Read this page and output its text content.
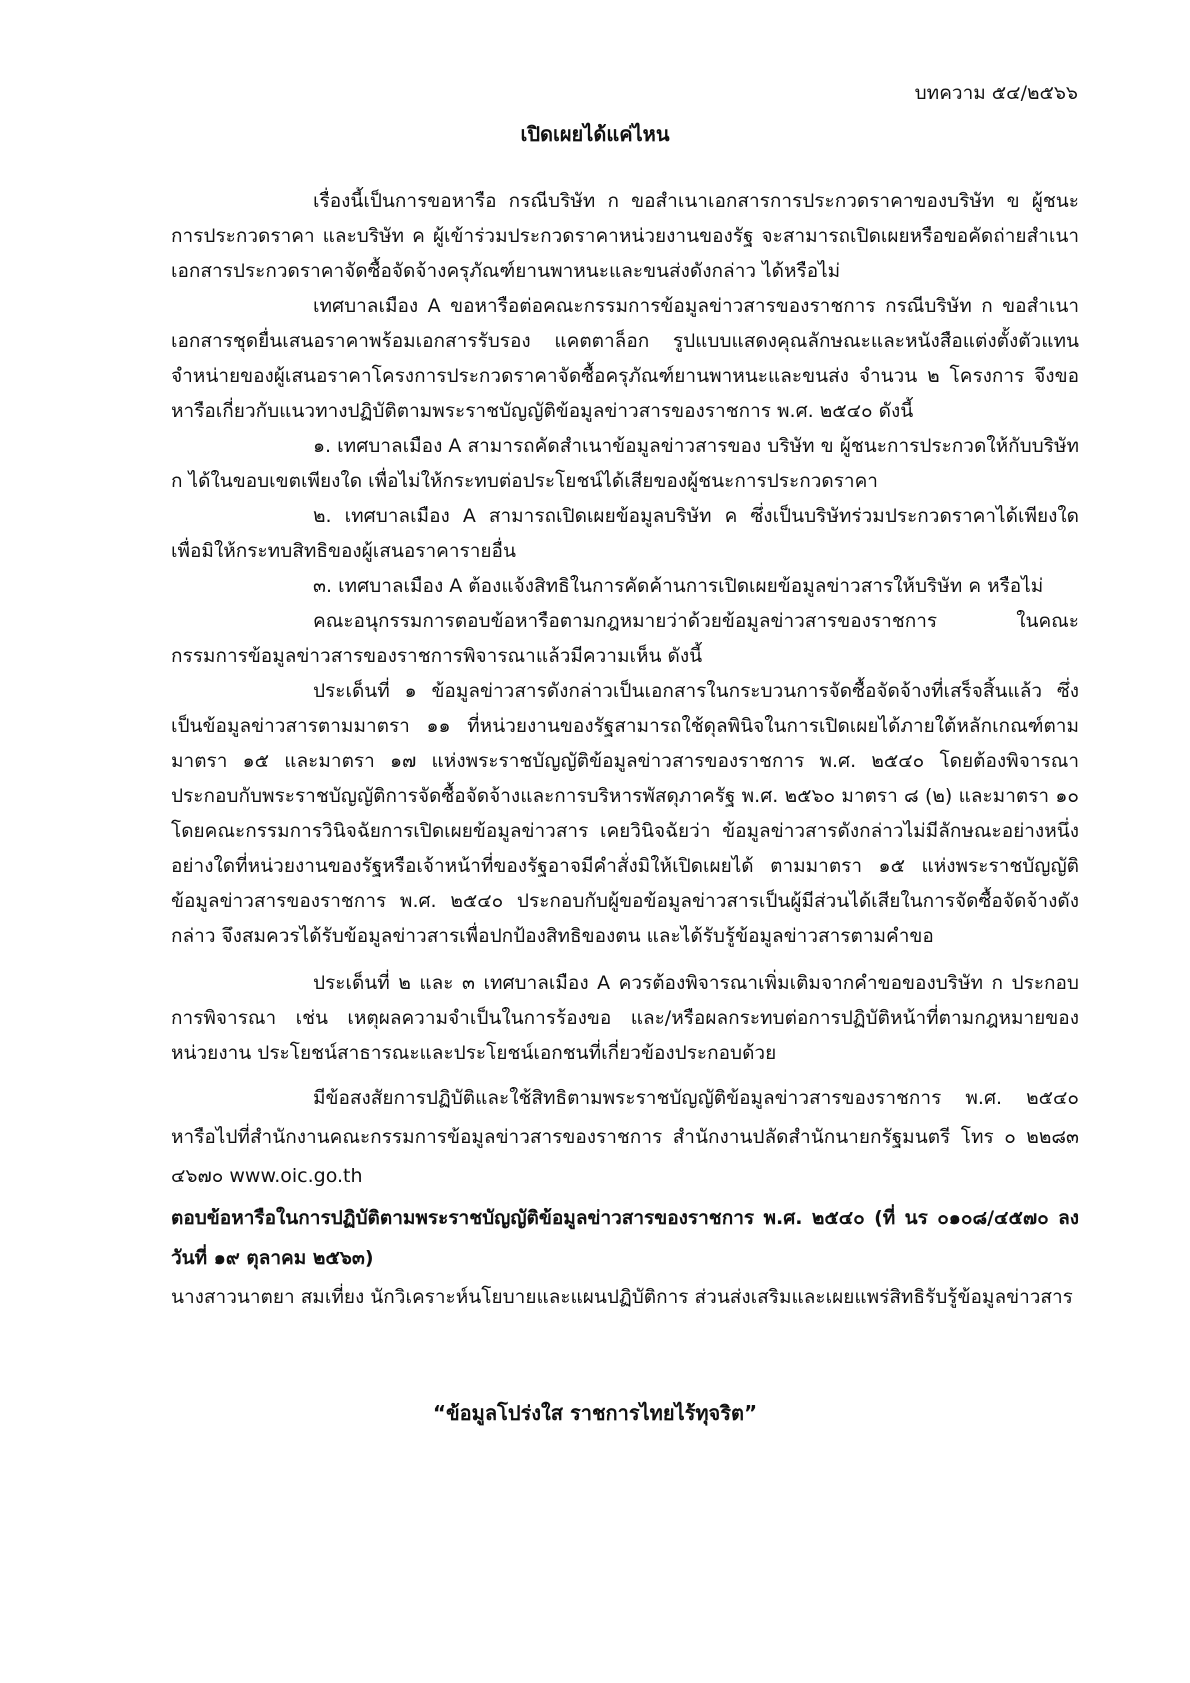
บทความ ๕๔/๒๕๖๖
เปิดเผยได้แค่ไหน

เรื่องนี้เป็นการขอหารือ กรณีบริษัท ก ขอสำเนาเอกสารการประกวดราคาของบริษัท ข ผู้ชนะการประกวดราคา และบริษัท ค ผู้เข้าร่วมประกวดราคาหน่วยงานของรัฐ จะสามารถเปิดเผยหรือขอคัดถ่ายสำเนาเอกสารประกวดราคาจัดซื้อจัดจ้างครุภัณฑ์ยานพาหนะและขนส่งดังกล่าว ได้หรือไม่

เทศบาลเมือง A ขอหารือต่อคณะกรรมการข้อมูลข่าวสารของราชการ กรณีบริษัท ก ขอสำเนาเอกสารชุดยื่นเสนอราคาพร้อมเอกสารรับรอง แคตตาล็อก รูปแบบแสดงคุณลักษณะและหนังสือแต่งตั้งตัวแทนจำหน่ายของผู้เสนอราคาโครงการประกวดราคาจัดซื้อครุภัณฑ์ยานพาหนะและขนส่ง จำนวน ๒ โครงการ จึงขอหารือเกี่ยวกับแนวทางปฏิบัติตามพระราชบัญญัติข้อมูลข่าวสารของราชการ พ.ศ. ๒๕๔๐ ดังนี้

๑. เทศบาลเมือง A สามารถคัดสำเนาข้อมูลข่าวสารของ บริษัท ข ผู้ชนะการประกวดให้กับบริษัท ก ได้ในขอบเขตเพียงใด เพื่อไม่ให้กระทบต่อประโยชน์ได้เสียของผู้ชนะการประกวดราคา

๒. เทศบาลเมือง A สามารถเปิดเผยข้อมูลบริษัท ค ซึ่งเป็นบริษัทร่วมประกวดราคาได้เพียงใด เพื่อมิให้กระทบสิทธิของผู้เสนอราคารายอื่น

๓. เทศบาลเมือง A ต้องแจ้งสิทธิในการคัดค้านการเปิดเผยข้อมูลข่าวสารให้บริษัท ค หรือไม่

คณะอนุกรรมการตอบข้อหารือตามกฎหมายว่าด้วยข้อมูลข่าวสารของราชการ ในคณะกรรมการข้อมูลข่าวสารของราชการพิจารณาแล้วมีความเห็น ดังนี้

ประเด็นที่ ๑ ข้อมูลข่าวสารดังกล่าวเป็นเอกสารในกระบวนการจัดซื้อจัดจ้างที่เสร็จสิ้นแล้ว ซึ่งเป็นข้อมูลข่าวสารตามมาตรา ๑๑ ที่หน่วยงานของรัฐสามารถใช้ดุลพินิจในการเปิดเผยได้ภายใต้หลักเกณฑ์ตามมาตรา ๑๕ และมาตรา ๑๗ แห่งพระราชบัญญัติข้อมูลข่าวสารของราชการ พ.ศ. ๒๕๔๐ โดยต้องพิจารณาประกอบกับพระราชบัญญัติการจัดซื้อจัดจ้างและการบริหารพัสดุภาครัฐ พ.ศ. ๒๕๖๐ มาตรา ๘ (๒) และมาตรา ๑๐ โดยคณะกรรมการวินิจฉัยการเปิดเผยข้อมูลข่าวสาร เคยวินิจฉัยว่า ข้อมูลข่าวสารดังกล่าวไม่มีลักษณะอย่างหนึ่งอย่างใดที่หน่วยงานของรัฐหรือเจ้าหน้าที่ของรัฐอาจมีคำสั่งมิให้เปิดเผยได้ ตามมาตรา ๑๕ แห่งพระราชบัญญัติข้อมูลข่าวสารของราชการ พ.ศ. ๒๕๔๐ ประกอบกับผู้ขอข้อมูลข่าวสารเป็นผู้มีส่วนได้เสียในการจัดซื้อจัดจ้างดังกล่าว จึงสมควรได้รับข้อมูลข่าวสารเพื่อปกป้องสิทธิของตน และได้รับรู้ข้อมูลข่าวสารตามคำขอ

ประเด็นที่ ๒ และ ๓ เทศบาลเมือง A ควรต้องพิจารณาเพิ่มเติมจากคำขอของบริษัท ก ประกอบการพิจารณา เช่น เหตุผลความจำเป็นในการร้องขอ และ/หรือผลกระทบต่อการปฏิบัติหน้าที่ตามกฎหมายของหน่วยงาน ประโยชน์สาธารณะและประโยชน์เอกชนที่เกี่ยวข้องประกอบด้วย

มีข้อสงสัยการปฏิบัติและใช้สิทธิตามพระราชบัญญัติข้อมูลข่าวสารของราชการ พ.ศ. ๒๕๔๐ หารือไปที่สำนักงานคณะกรรมการข้อมูลข่าวสารของราชการ สำนักงานปลัดสำนักนายกรัฐมนตรี โทร ๐ ๒๒๘๓ ๔๖๗๐ www.oic.go.th

ตอบข้อหารือในการปฏิบัติตามพระราชบัญญัติข้อมูลข่าวสารของราชการ พ.ศ. ๒๕๔๐ (ที่ นร ๐๑๐๘/๔๕๗๐ ลงวันที่ ๑๙ ตุลาคม ๒๕๖๓)

นางสาวนาตยา สมเที่ยง นักวิเคราะห์นโยบายและแผนปฏิบัติการ ส่วนส่งเสริมและเผยแพร่สิทธิรับรู้ข้อมูลข่าวสาร

“ข้อมูลโปร่งใส ราชการไทยไร้ทุจริต”
